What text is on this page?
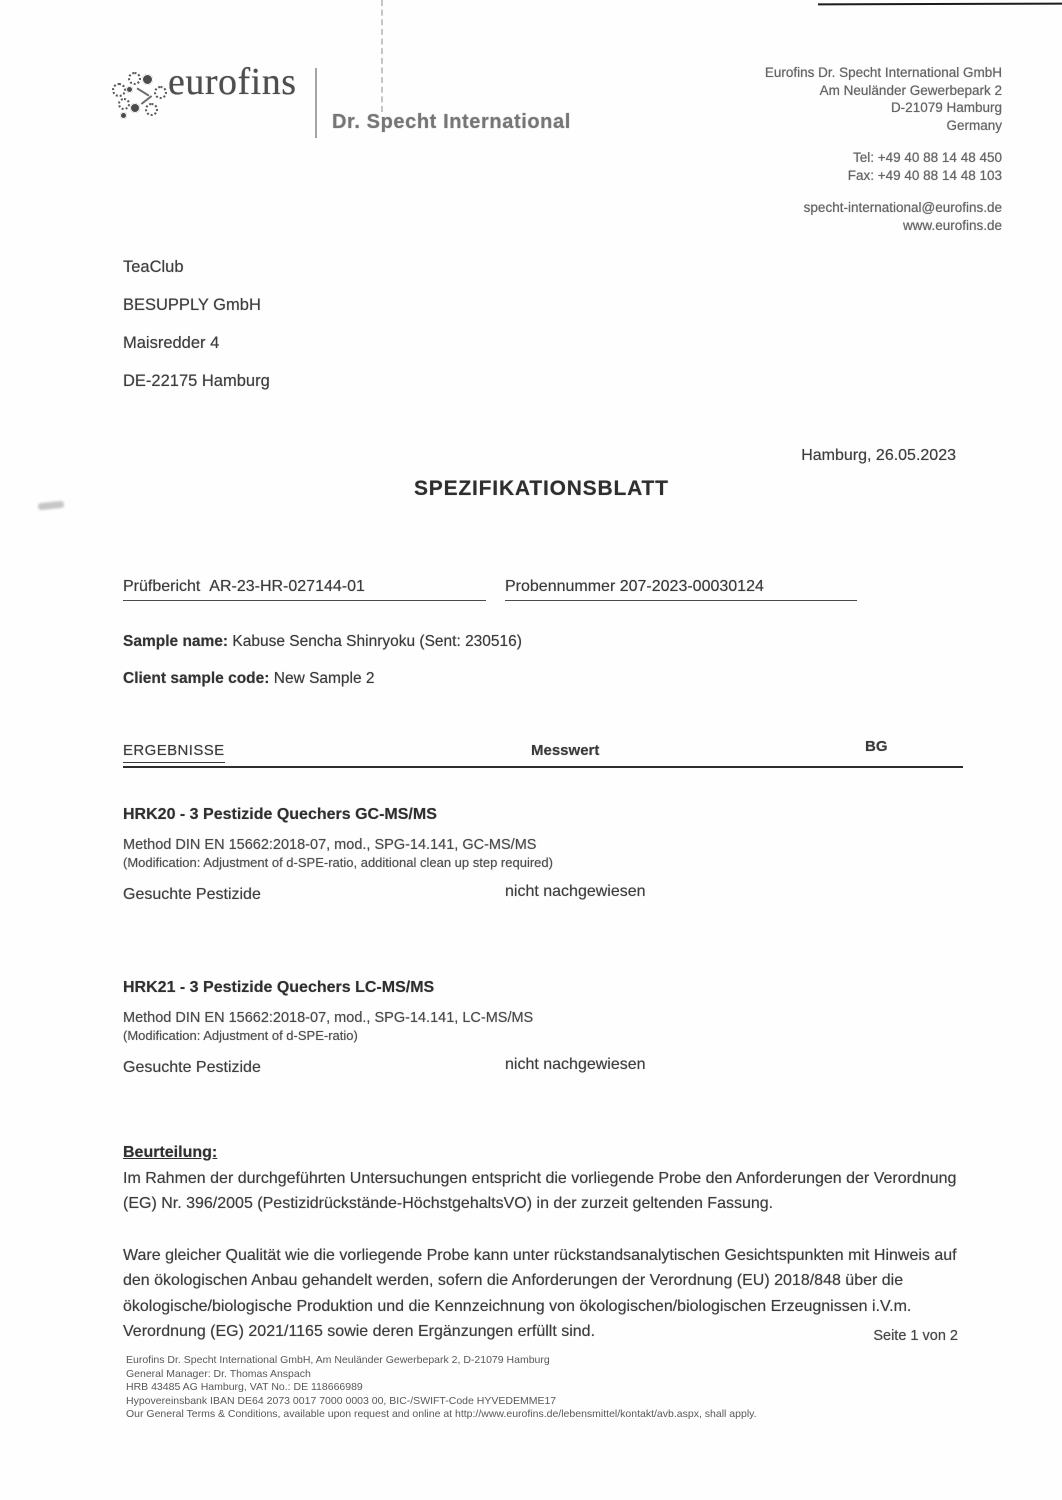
eurofins
Dr. Specht International
Eurofins Dr. Specht International GmbH
Am Neuländer Gewerbepark 2
D-21079 Hamburg
Germany
Tel: +49 40 88 14 48 450
Fax: +49 40 88 14 48 103
specht-international@eurofins.de
www.eurofins.de
TeaClub
BESUPPLY GmbH
Maisredder 4
DE-22175 Hamburg
Hamburg, 26.05.2023
SPEZIFIKATIONSBLATT
Prüfbericht AR-23-HR-027144-01	Probennummer 207-2023-00030124
Sample name: Kabuse Sencha Shinryoku (Sent: 230516)
Client sample code: New Sample 2
ERGEBNISSE	Messwert	BG

HRK20 - 3 Pestizide Quechers GC-MS/MS

Method DIN EN 15662:2018-07, mod., SPG-14.141, GC-MS/MS

(Modification: Adjustment of d-SPE-ratio, additional clean up step required)

Gesuchte Pestizide	nicht nachgewiesen

HRK21 - 3 Pestizide Quechers LC-MS/MS

Method DIN EN 15662:2018-07, mod., SPG-14.141, LC-MS/MS

(Modification: Adjustment of d-SPE-ratio)

Gesuchte Pestizide	nicht nachgewiesen

Beurteilung:

Im Rahmen der durchgeführten Untersuchungen entspricht die vorliegende Probe den Anforderungen der Verordnung (EG) Nr. 396/2005 (Pestizidrückstände-HöchstgehaltsVO) in der zurzeit geltenden Fassung.

Ware gleicher Qualität wie die vorliegende Probe kann unter rückstandsanalytischen Gesichtspunkten mit Hinweis auf den ökologischen Anbau gehandelt werden, sofern die Anforderungen der Verordnung (EU) 2018/848 über die ökologische/biologische Produktion und die Kennzeichnung von ökologischen/biologischen Erzeugnissen i.V.m. Verordnung (EG) 2021/1165 sowie deren Ergänzungen erfüllt sind.	Seite 1 von 2
Eurofins Dr. Specht International GmbH, Am Neuländer Gewerbepark 2, D-21079 Hamburg
General Manager: Dr. Thomas Anspach
HRB 43485 AG Hamburg, VAT No.: DE 118666989
Hypovereinsbank IBAN DE64 2073 0017 7000 0003 00, BIC-/SWIFT-Code HYVEDEMME17
Our General Terms & Conditions, available upon request and online at http://www.eurofins.de/lebensmittel/kontakt/avb.aspx, shall apply.
